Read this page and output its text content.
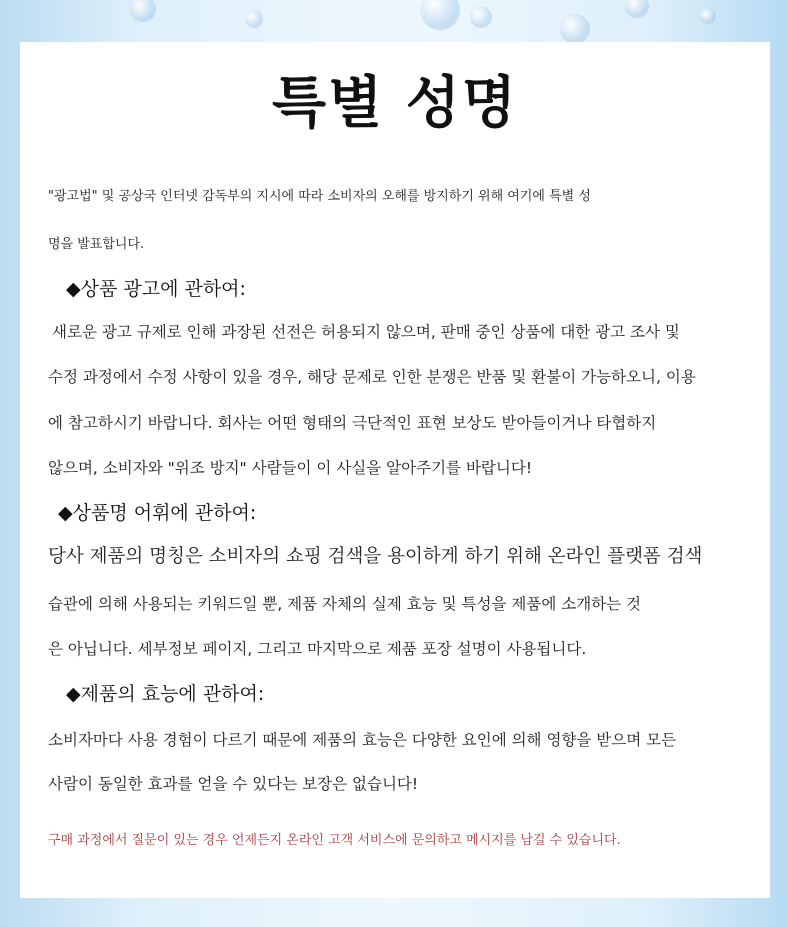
특별 성명

"광고법" 및 공상국 인터넷 감독부의 지시에 따라 소비자의 오해를 방지하기 위해 여기에 특별 성

명을 발표합니다.

◆상품 광고에 관하여:

새로운 광고 규제로 인해 과장된 선전은 허용되지 않으며, 판매 중인 상품에 대한 광고 조사 및

수정 과정에서 수정 사항이 있을 경우, 해당 문제로 인한 분쟁은 반품 및 환불이 가능하오니, 이용

에 참고하시기 바랍니다. 회사는 어떤 형태의 극단적인 표현 보상도 받아들이거나 타협하지

않으며, 소비자와 "위조 방지" 사람들이 이 사실을 알아주기를 바랍니다!

◆상품명 어휘에 관하여:

당사 제품의 명칭은 소비자의 쇼핑 검색을 용이하게 하기 위해 온라인 플랫폼 검색

습관에 의해 사용되는 키워드일 뿐, 제품 자체의 실제 효능 및 특성을 제품에 소개하는 것

은 아닙니다. 세부정보 페이지, 그리고 마지막으로 제품 포장 설명이 사용됩니다.

◆제품의 효능에 관하여:

소비자마다 사용 경험이 다르기 때문에 제품의 효능은 다양한 요인에 의해 영향을 받으며 모든

사람이 동일한 효과를 얻을 수 있다는 보장은 없습니다!

구매 과정에서 질문이 있는 경우 언제든지 온라인 고객 서비스에 문의하고 메시지를 남길 수 있습니다.
